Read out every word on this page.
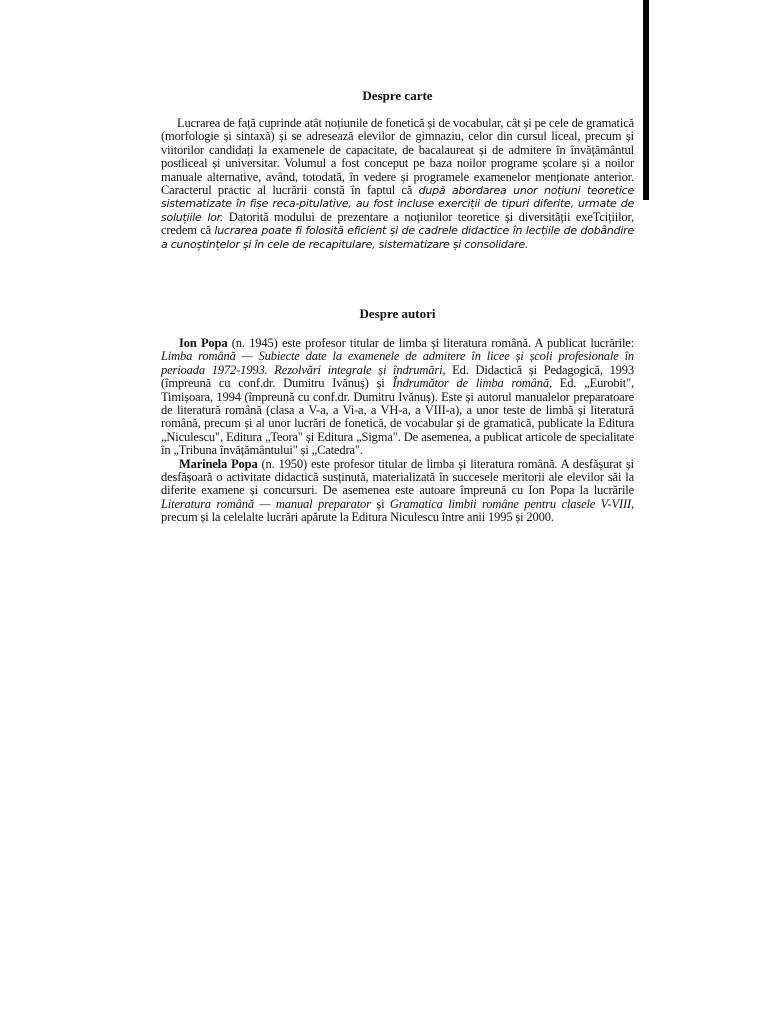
Despre carte

Lucrarea de față cuprinde atât noțiunile de fonetică și de vocabular, cât și pe cele de gramatică (morfologie și sintaxă) și se adresează elevilor de gimnaziu, celor din cursul liceal, precum și viitorilor candidați la examenele de capacitate, de bacalaureat și de admitere în învățământul postliceal și universitar. Volumul a fost conceput pe baza noilor programe școlare și a noilor manuale alternative, având, totodată, în vedere și programele examenelor menționate anterior. Caracterul practic al lucrării constă în faptul că după abordarea unor noțiuni teoretice sistematizate în fișe reca-pitulative, au fost incluse exerciții de tipuri diferite, urmate de soluțiile lor. Datorită modului de prezentare a noțiunilor teoretice și diversității exeTcițiilor, credem că lucrarea poate fi folosită eficient și de cadrele didactice în lecțiile de dobândire a cunoștințelor și în cele de recapitulare, sistematizare și consolidare.

Despre autori

Ion Popa (n. 1945) este profesor titular de limba și literatura română. A publicat lucrările: Limba română — Subiecte date la examenele de admitere în licee și școli profesionale în perioada 1972-1993. Rezolvări integrale și îndrumări, Ed. Didactică și Pedagogică, 1993 (împreună cu conf.dr. Dumitru Ivănuș) și Îndrumător de limba română, Ed. „Eurobit", Timișoara, 1994 (împreună cu conf.dr. Dumitru Ivănuș). Este și autorul manualelor preparatoare de literatură română (clasa a V-a, a Vi-a, a VH-a, a VIII-a), a unor teste de limbă și literatură română, precum și al unor lucrări de fonetică, de vocabular și de gramatică, publicate la Editura „Niculescu", Editura „Teora" și Editura „Sigma". De asemenea, a publicat articole de specialitate în „Tribuna învățământului" și „Catedra".

Marinela Popa (n. 1950) este profesor titular de limba și literatura română. A desfășurat și desfășoară o activitate didactică susținută, materializată în succesele meritorii ale elevilor săi la diferite examene și concursuri. De asemenea este autoare împreună cu Ion Popa la lucrările Literatura română — manual preparator și Gramatica limbii române pentru clasele V-VIII, precum și la celelalte lucrări apărute la Editura Niculescu între anii 1995 și 2000.
